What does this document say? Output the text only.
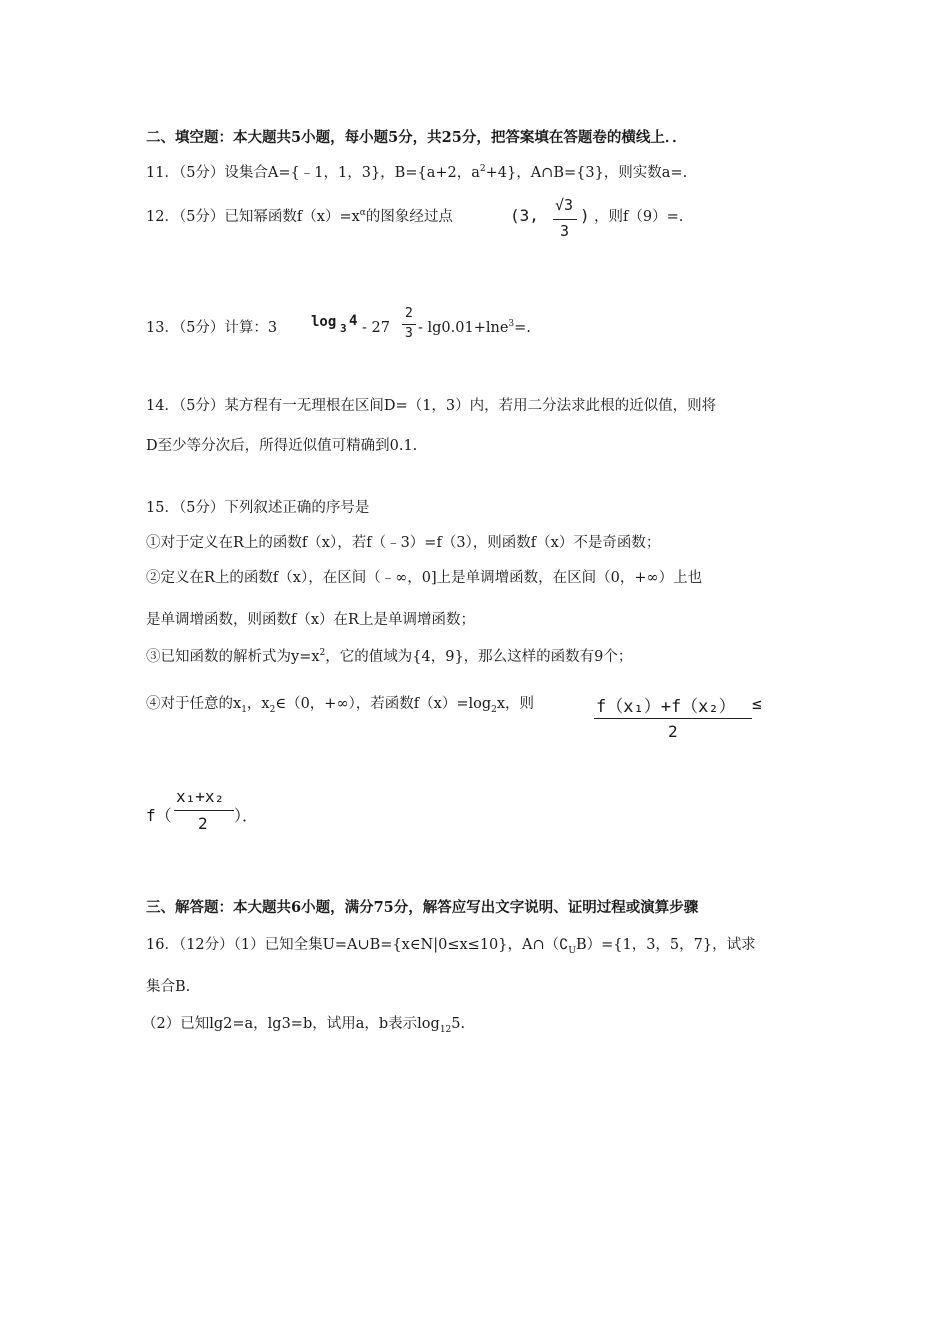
二、填空题：本大题共5小题，每小题5分，共25分，把答案填在答题卷的横线上．．
11．（5分）设集合A={﹣1，1，3}，B={a+2，$a^2+4$}，A∩B={3}，则实数a=.
12．（5分）已知幂函数$f(x)=x^\alpha$的图象经过点	(3,
√3
3
) ，则f（9）=.
13．（5分）计算：3 log 3 4 - 27
2
3 - lg0.01+lne$^3$=.
14．（5分）某方程有一无理根在区间D=（1，3）内，若用二分法求此根的近似值，则将
D至少等分次后，所得近似值可精确到0.1.
15．（5分）下列叙述正确的序号是
①对于定义在R上的函数f（x），若f（﹣3）=f（3），则函数f（x）不是奇函数；
②定义在R上的函数f（x），在区间（﹣∞，0]上是单调增函数，在区间（0，+∞）上也
是单调增函数，则函数f（x）在R上是单调增函数；
③已知函数的解析式为$y=x^2$，它的值域为{4，9}，那么这样的函数有9个；
④对于任意的$x_1$，$x_2\in(0$，+∞），若函数$f(x)=\log_2x$，则	f（x₁）+f（x₂）
2
≤
f（
x₁+x₂
2 ）．
三、解答题：本大题共6小题，满分75分，解答应写出文字说明、证明过程或演算步骤
16．（12分）（1）已知全集U=A∪B={x∈N|0≤x≤10}，$A\cap(∁_UB)=\{1$，3，5，7}，试求
集合B.
（2）已知lg2=a，lg3=b，试用a，b表示$\log_{12}5$.
